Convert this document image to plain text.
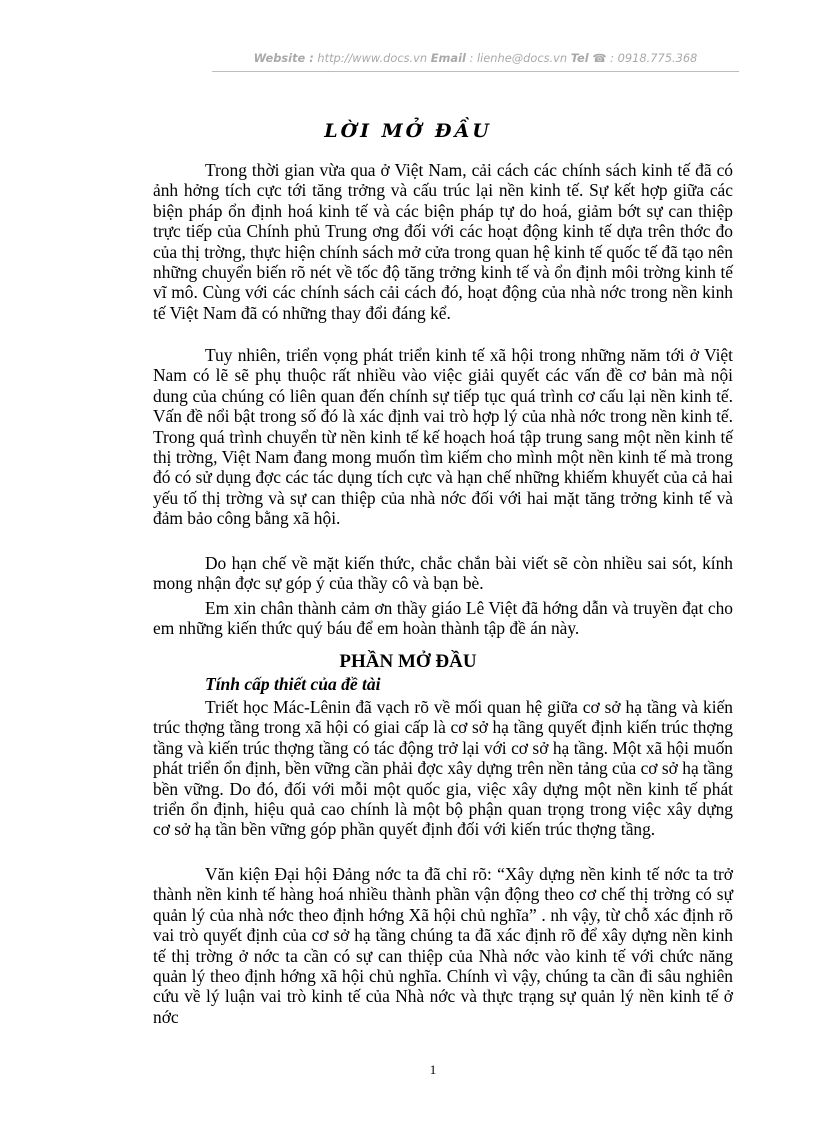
Website : http://www.docs.vn Email : lienhe@docs.vn Tel ☎ : 0918.775.368
LỜI MỞ ĐẦU

Trong thời gian vừa qua ở Việt Nam, cải cách các chính sách kinh tế đã có ảnh hởng tích cực tới tăng trởng và cấu trúc lại nền kinh tế. Sự kết hợp giữa các biện pháp ổn định hoá kinh tế và các biện pháp tự do hoá, giảm bớt sự can thiệp trực tiếp của Chính phủ Trung ơng đối với các hoạt động kinh tế dựa trên thớc đo của thị trờng, thực hiện chính sách mở cửa trong quan hệ kinh tế quốc tế đã tạo nên những chuyển biến rõ nét về tốc độ tăng trởng kinh tế và ổn định môi trờng kinh tế vĩ mô. Cùng với các chính sách cải cách đó, hoạt động của nhà nớc trong nền kinh tế Việt Nam đã có những thay đổi đáng kể.

Tuy nhiên, triển vọng phát triển kinh tế xã hội trong những năm tới ở Việt Nam có lẽ sẽ phụ thuộc rất nhiều vào việc giải quyết các vấn đề cơ bản mà nội dung của chúng có liên quan đến chính sự tiếp tục quá trình cơ cấu lại nền kinh tế. Vấn đề nổi bật trong số đó là xác định vai trò hợp lý của nhà nớc trong nền kinh tế. Trong quá trình chuyển từ nền kinh tế kế hoạch hoá tập trung sang một nền kinh tế thị trờng, Việt Nam đang mong muốn tìm kiếm cho mình một nền kinh tế mà trong đó có sử dụng đợc các tác dụng tích cực và hạn chế những khiếm khuyết của cả hai yếu tố thị trờng và sự can thiệp của nhà nớc đối với hai mặt tăng trởng kinh tế và đảm bảo công bằng xã hội.

Do hạn chế về mặt kiến thức, chắc chắn bài viết sẽ còn nhiều sai sót, kính mong nhận đợc sự góp ý của thầy cô và bạn bè.

Em xin chân thành cảm ơn thầy giáo Lê Việt đã hớng dẫn và truyền đạt cho em những kiến thức quý báu để em hoàn thành tập đề án này.

PHẦN MỞ ĐẦU
Tính cấp thiết của đề tài

Triết học Mác-Lênin đã vạch rõ về mối quan hệ giữa cơ sở hạ tầng và kiến trúc thợng tầng trong xã hội có giai cấp là cơ sở hạ tầng quyết định kiến trúc thợng tầng và kiến trúc thợng tầng có tác động trở lại với cơ sở hạ tầng. Một xã hội muốn phát triển ổn định, bền vững cần phải đợc xây dựng trên nền tảng của cơ sở hạ tầng bền vững. Do đó, đối với mỗi một quốc gia, việc xây dựng một nền kinh tế phát triển ổn định, hiệu quả cao chính là một bộ phận quan trọng trong việc xây dựng cơ sở hạ tần bền vững góp phần quyết định đối với kiến trúc thợng tầng.

Văn kiện Đại hội Đảng nớc ta đã chỉ rõ: “Xây dựng nền kinh tế nớc ta trở thành nền kinh tế hàng hoá nhiều thành phần vận động theo cơ chế thị trờng có sự quản lý của nhà nớc theo định hớng Xã hội chủ nghĩa” . nh vậy, từ chỗ xác định rõ vai trò quyết định của cơ sở hạ tầng chúng ta đã xác định rõ để xây dựng nền kinh tế thị trờng ở nớc ta cần có sự can thiệp của Nhà nớc vào kinh tế với chức năng quản lý theo định hớng xã hội chủ nghĩa. Chính vì vậy, chúng ta cần đi sâu nghiên cứu về lý luận vai trò kinh tế của Nhà nớc và thực trạng sự quản lý nền kinh tế ở nớc

1
